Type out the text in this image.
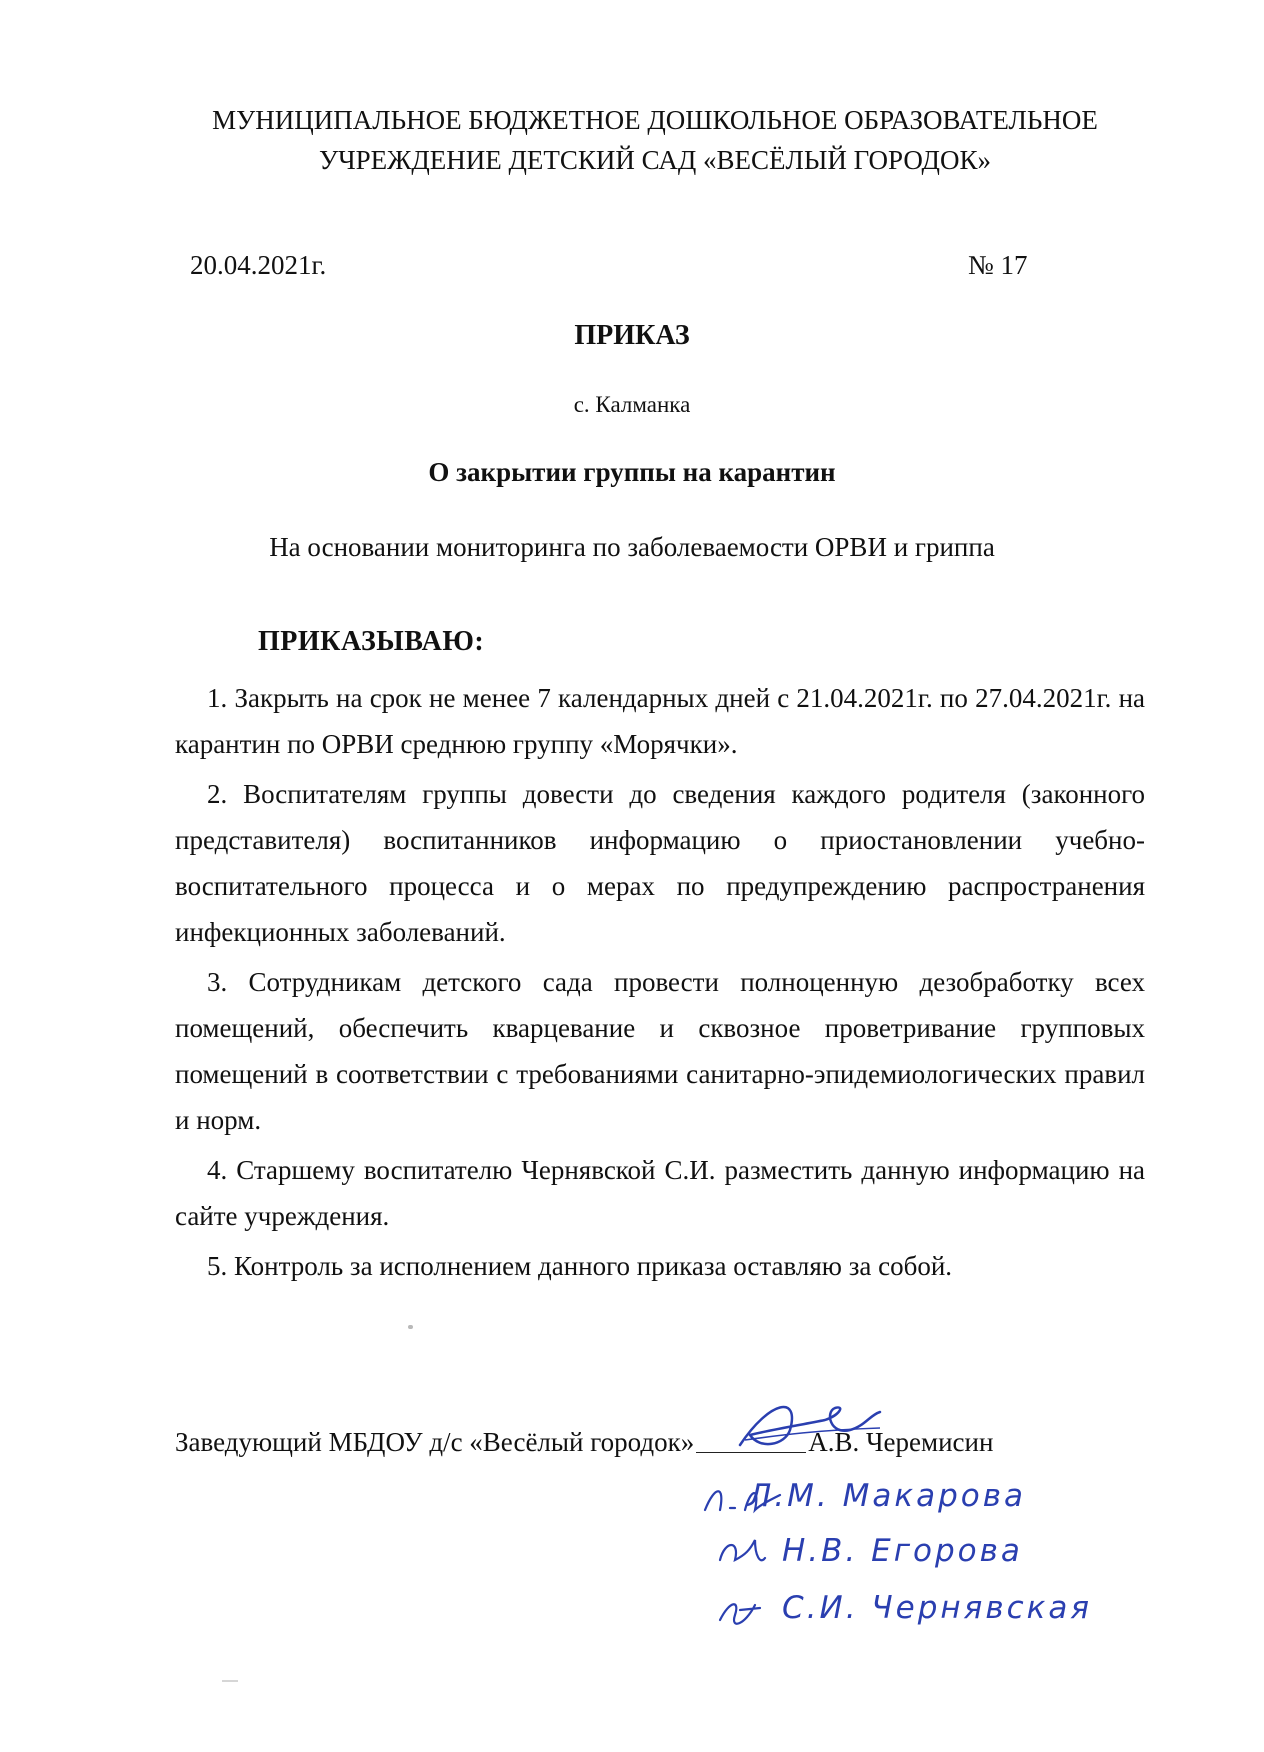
МУНИЦИПАЛЬНОЕ БЮДЖЕТНОЕ ДОШКОЛЬНОЕ ОБРАЗОВАТЕЛЬНОЕ
УЧРЕЖДЕНИЕ ДЕТСКИЙ САД «ВЕСЁЛЫЙ ГОРОДОК»
20.04.2021г.	№ 17
ПРИКАЗ
с. Калманка
О закрытии группы на карантин
На основании мониторинга по заболеваемости ОРВИ и гриппа
ПРИКАЗЫВАЮ:

1. Закрыть на срок не менее 7 календарных дней с 21.04.2021г. по 27.04.2021г. на карантин по ОРВИ среднюю группу «Морячки».

2. Воспитателям группы довести до сведения каждого родителя (законного представителя) воспитанников информацию о приостановлении учебно-воспитательного процесса и о мерах по предупреждению распространения инфекционных заболеваний.

3. Сотрудникам детского сада провести полноценную дезобработку всех помещений, обеспечить кварцевание и сквозное проветривание групповых помещений в соответствии с требованиями санитарно-эпидемиологических правил и норм.

4. Старшему воспитателю Чернявской С.И. разместить данную информацию на сайте учреждения.

5. Контроль за исполнением данного приказа оставляю за собой.

Заведующий МБДОУ д/с «Весёлый городок»	А.В. Черемисин
Л.М. Макарова
Н.В. Егорова
С.И. Чернявская
